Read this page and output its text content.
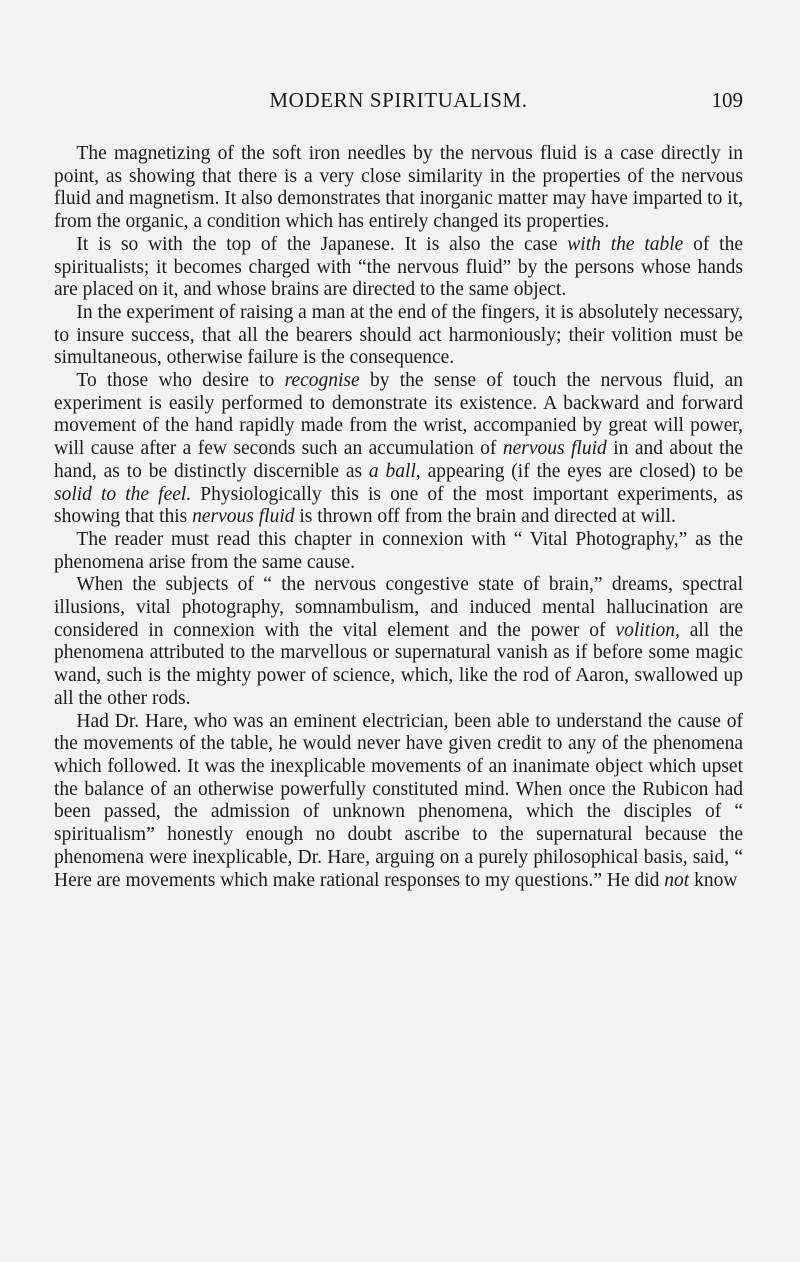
MODERN SPIRITUALISM.	109

The magnetizing of the soft iron needles by the nervous fluid is a case directly in point, as showing that there is a very close similarity in the properties of the nervous fluid and magnetism. It also demonstrates that inorganic matter may have imparted to it, from the organic, a condition which has entirely changed its properties.

It is so with the top of the Japanese. It is also the case with the table of the spiritualists; it becomes charged with “the nervous fluid” by the persons whose hands are placed on it, and whose brains are directed to the same object.

In the experiment of raising a man at the end of the fingers, it is absolutely necessary, to insure success, that all the bearers should act harmoniously; their volition must be simultaneous, otherwise failure is the consequence.

To those who desire to recognise by the sense of touch the nervous fluid, an experiment is easily performed to demonstrate its existence. A backward and forward movement of the hand rapidly made from the wrist, accompanied by great will power, will cause after a few seconds such an accumulation of nervous fluid in and about the hand, as to be distinctly discernible as a ball, appearing (if the eyes are closed) to be solid to the feel. Physiologically this is one of the most important experiments, as showing that this nervous fluid is thrown off from the brain and directed at will.

The reader must read this chapter in connexion with “ Vital Photography,” as the phenomena arise from the same cause.

When the subjects of “ the nervous congestive state of brain,” dreams, spectral illusions, vital photography, somnambulism, and induced mental hallucination are considered in connexion with the vital element and the power of volition, all the phenomena attributed to the marvellous or supernatural vanish as if before some magic wand, such is the mighty power of science, which, like the rod of Aaron, swallowed up all the other rods.

Had Dr. Hare, who was an eminent electrician, been able to understand the cause of the movements of the table, he would never have given credit to any of the phenomena which followed. It was the inexplicable movements of an inanimate object which upset the balance of an otherwise powerfully constituted mind. When once the Rubicon had been passed, the admission of unknown phenomena, which the disciples of “ spiritualism” honestly enough no doubt ascribe to the supernatural because the phenomena were inexplicable, Dr. Hare, arguing on a purely philosophical basis, said, “ Here are movements which make rational responses to my questions.” He did not know
